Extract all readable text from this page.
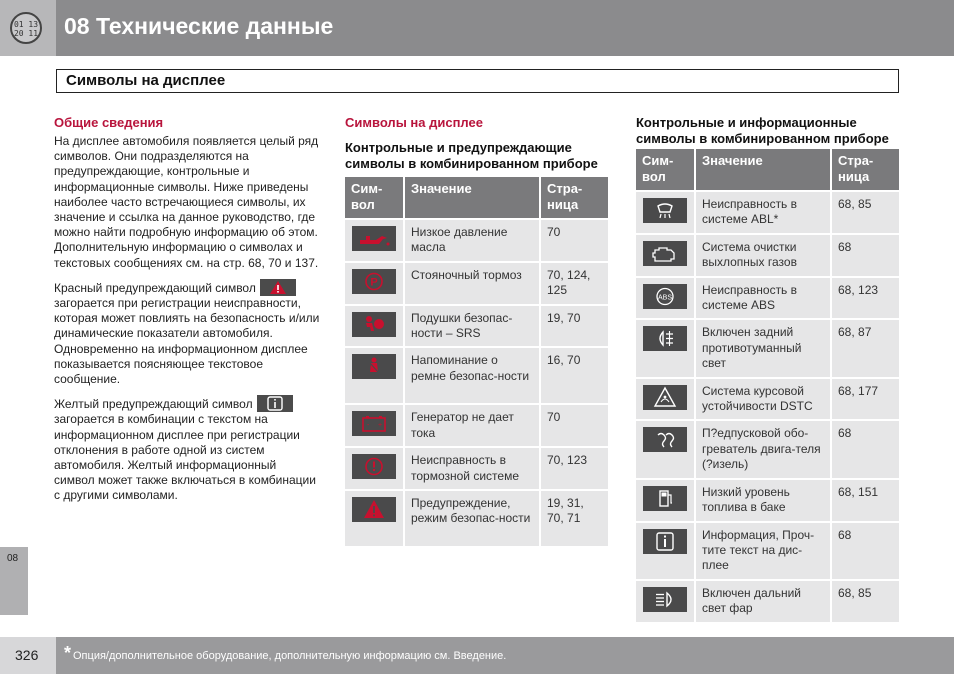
01 13
20 11 08 Технические данные
Символы на дисплее
08
Общие сведения

На дисплее автомобиля появляется целый ряд символов. Они подразделяются на предупреждающие, контрольные и информационные символы. Ниже приведены наиболее часто встречающиеся символы, их значение и ссылка на данное руководство, где можно найти подробную информацию об этом. Дополнительную информацию о символах и текстовых сообщениях см. на стр. 68, 70 и 137.

Красный предупреждающий символ
загорается при регистрации неисправности, которая может повлиять на безопасность и/или динамические показатели автомобиля. Одновременно на информационном дисплее показывается поясняющее текстовое сообщение.

Желтый предупреждающий символ
загорается в комбинации с текстом на информационном дисплее при регистрации отклонения в работе одной из систем автомобиля. Желтый информационный символ может также включаться в комбинации с другими символами.

Символы на дисплее
Контрольные и предупреждающие символы в комбинированном приборе
Сим-
вол	Значение	Стра-
ница

	Низкое давление масла	70

P	Стояночный тормоз	70, 124, 125

	Подушки безопас-ности – SRS	19, 70

	Напоминание о ремне безопас-ности	16, 70

- +	Генератор не дает тока	70

	Неисправность в тормозной системе	70, 123

	Предупреждение, режим безопас-ности	19, 31, 70, 71
Контрольные и информационные символы в комбинированном приборе
Сим-
вол	Значение	Стра-
ница

	Неисправность в системе ABL*	68, 85

	Система очистки выхлопных газов	68

ABS	Неисправность в системе ABS	68, 123

	Включен задний противотуманный свет	68, 87

	Система курсовой устойчивости DSTC	68, 177

	П?едпусковой обо-греватель двига-теля (?изель)	68

	Низкий уровень топлива в баке	68, 151

	Информация, Проч-тите текст на дис-плее	68

	Включен дальний свет фар	68, 85
326 * Опция/дополнительное оборудование, дополнительную информацию см. Введение.
